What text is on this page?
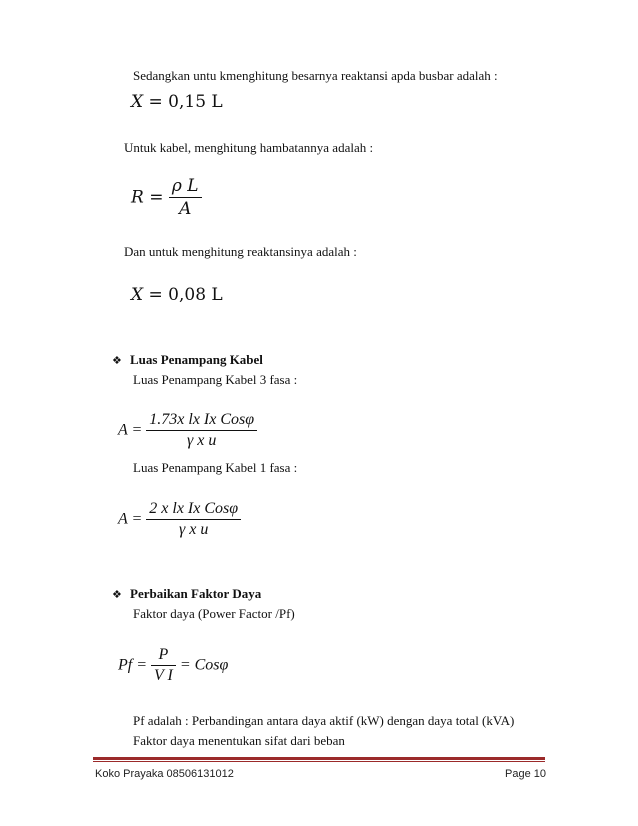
Sedangkan untu kmenghitung besarnya reaktansi apda busbar adalah :
X = 0,15 L
Untuk kabel, menghitung hambatannya adalah :
$R = \frac{\text{ρ L}}{A}$
Dan untuk menghitung reaktansinya adalah :
X = 0,08 L
❖ Luas Penampang Kabel
Luas Penampang Kabel 3 fasa :
$A = \frac{\text{1.73x lx Ix Cosφ}}{\text{γ x u}}$
Luas Penampang Kabel 1 fasa :
$A = \frac{\text{2 x lx Ix Cosφ}}{\text{γ x u}}$
❖ Perbaikan Faktor Daya
Faktor daya (Power Factor /Pf)
$Pf = \frac{P}{\text{V I}} = Cos\varphi$
Pf adalah : Perbandingan antara daya aktif (kW) dengan daya total (kVA)
Faktor daya menentukan sifat dari beban
Koko Prayaka 08506131012	Page 10
